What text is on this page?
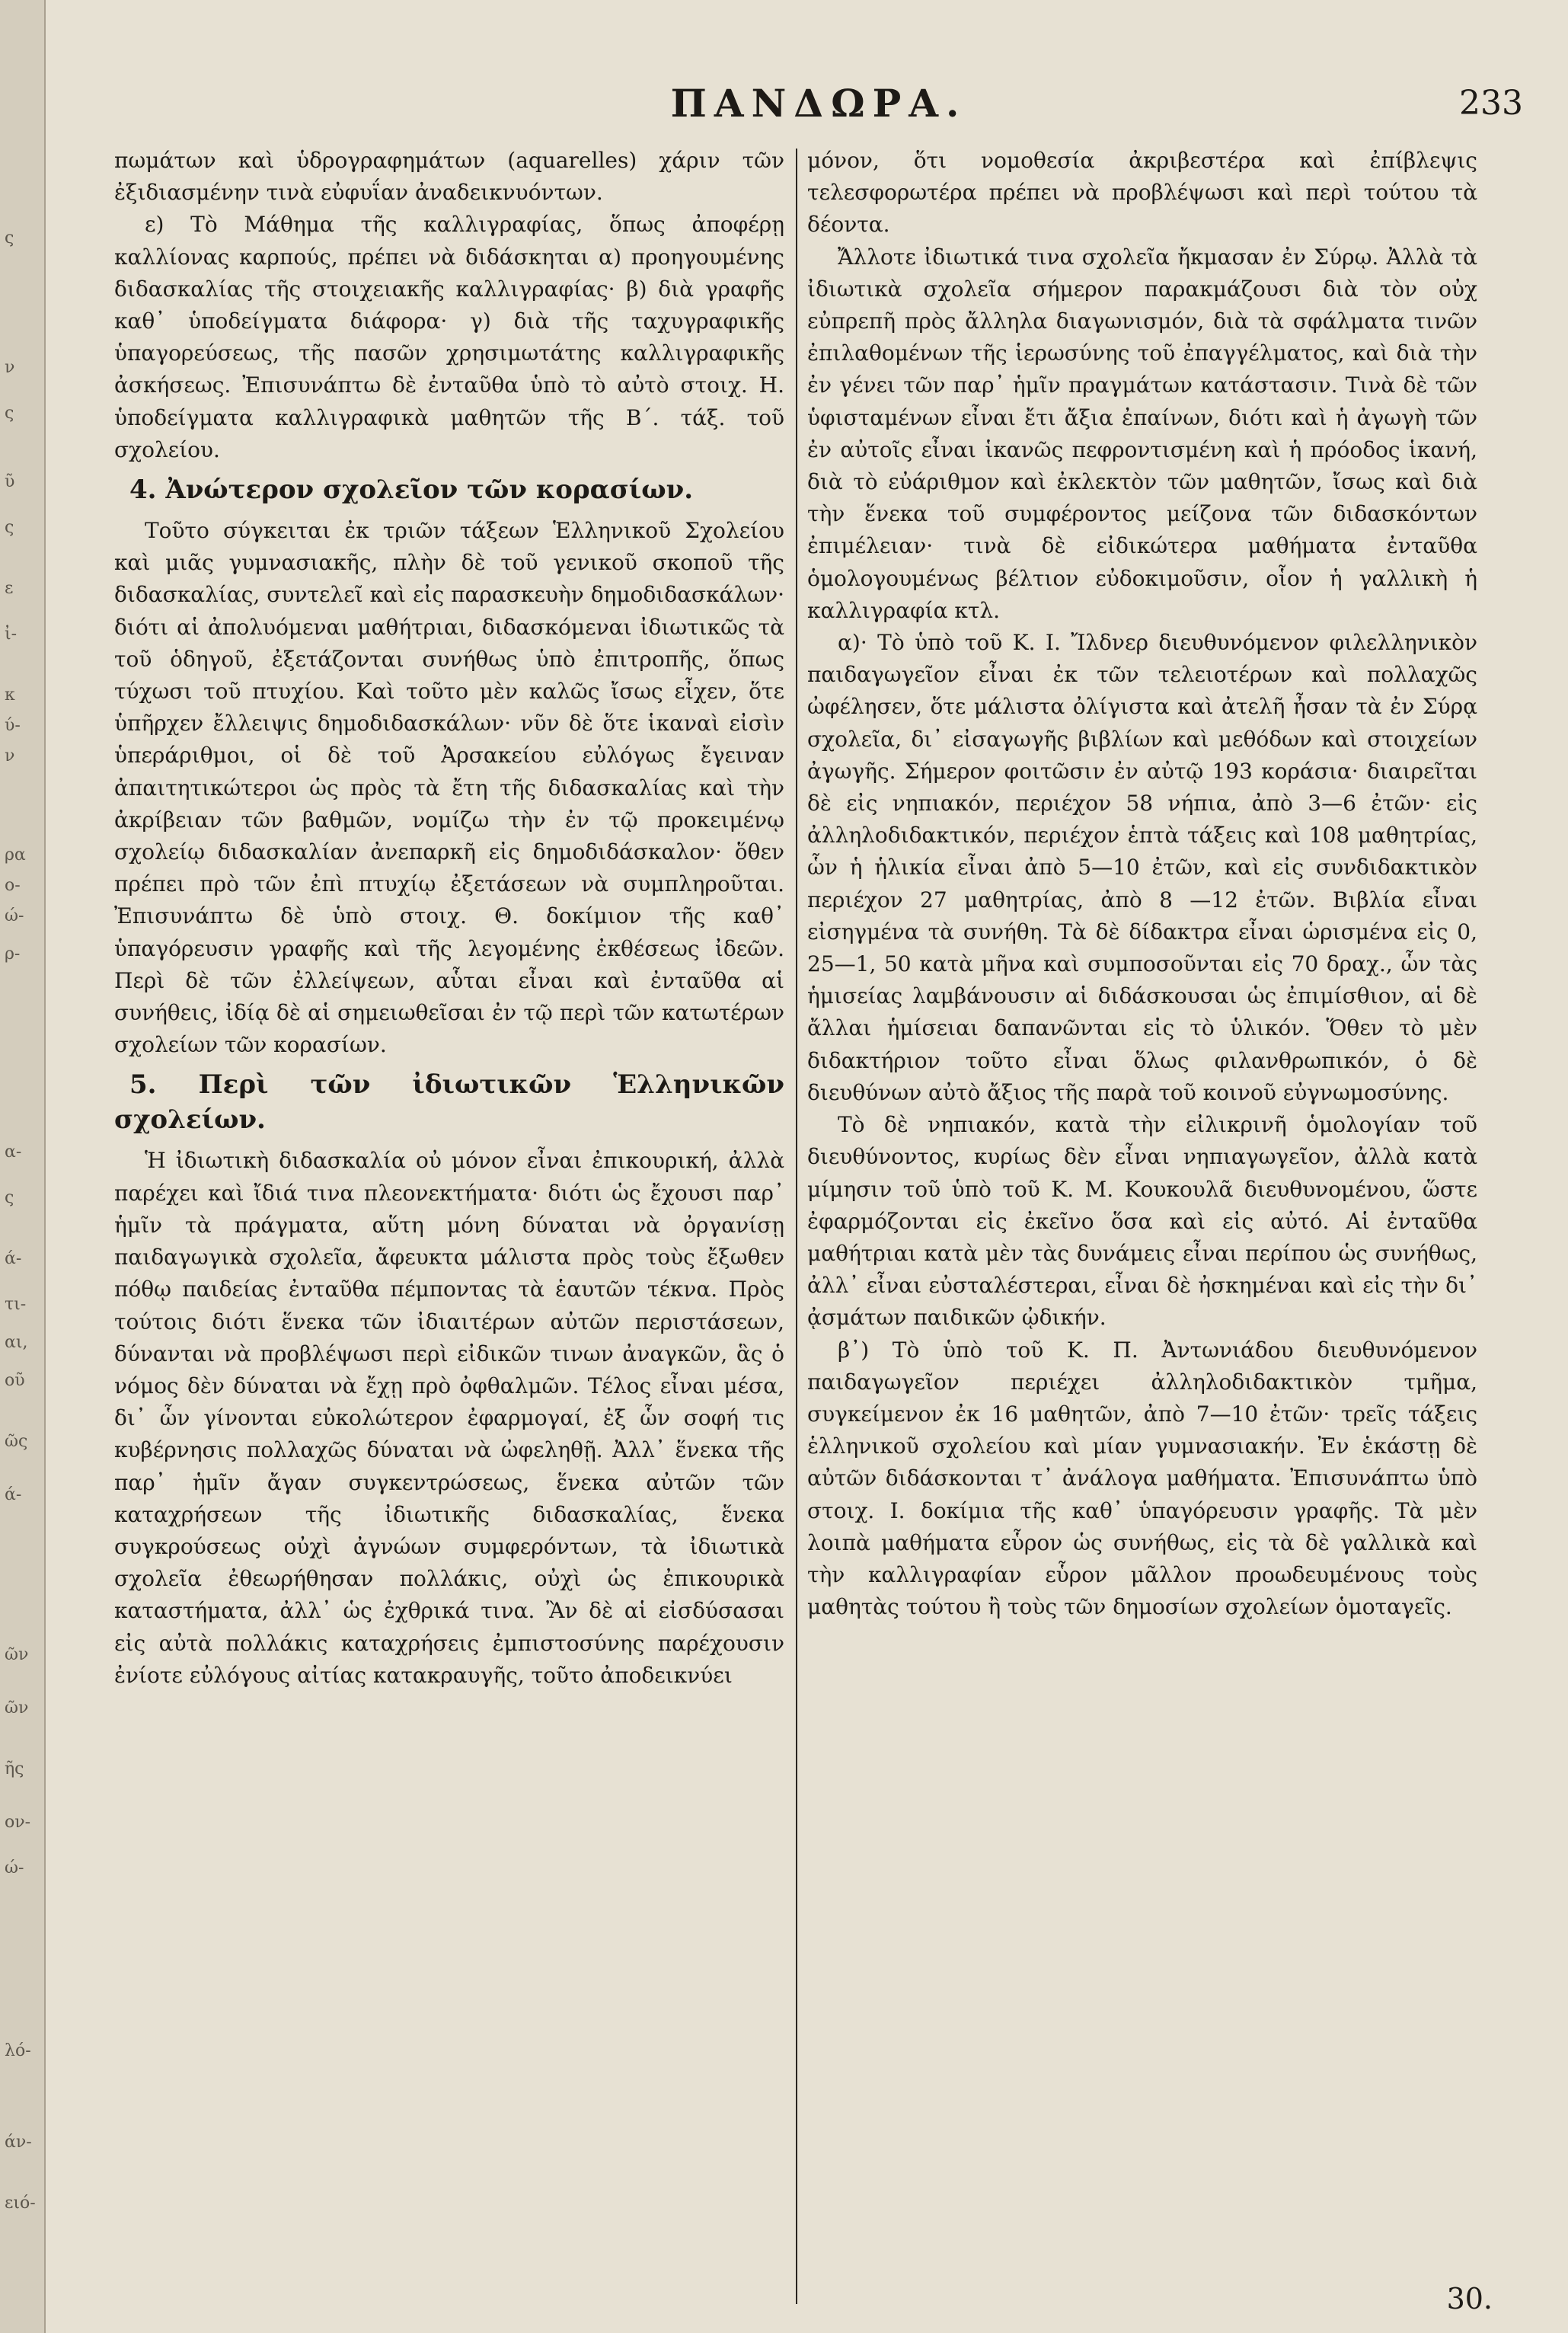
ς
ν
ς
ῦ
ς
ε
ἰ-
κ
ύ-
ν
ρα
ο-
ώ-
ρ-
α-
ς
ά-
τι-
αι,
οῦ
ῶς
ά-
ῶν
ῶν
ῆς
ον-
ώ-
λό-
άν-
ειό-
ΠΑΝΔΩΡΑ.	233

πωμάτων καὶ ὑδρογραφημάτων (aquarelles) χάριν τῶν ἐξιδιασμένην τινὰ εὐφυΐαν ἀναδεικνυόντων.

ε) Τὸ Μάθημα τῆς καλλιγραφίας, ὅπως ἀποφέρῃ καλλίονας καρπούς, πρέπει νὰ διδάσκηται α) προηγουμένης διδασκαλίας τῆς στοιχειακῆς καλλιγραφίας· β) διὰ γραφῆς καθ᾽ ὑποδείγματα διάφορα· γ) διὰ τῆς ταχυγραφικῆς ὑπαγορεύσεως, τῆς πασῶν χρησιμωτάτης καλλιγραφικῆς ἀσκήσεως. Ἐπισυνάπτω δὲ ἐνταῦθα ὑπὸ τὸ αὐτὸ στοιχ. Η. ὑποδείγματα καλλιγραφικὰ μαθητῶν τῆς Β΄. τάξ. τοῦ σχολείου.

4. Ἀνώτερον σχολεῖον τῶν κορασίων.

Τοῦτο σύγκειται ἐκ τριῶν τάξεων Ἑλληνικοῦ Σχολείου καὶ μιᾶς γυμνασιακῆς, πλὴν δὲ τοῦ γενικοῦ σκοποῦ τῆς διδασκαλίας, συντελεῖ καὶ εἰς παρασκευὴν δημοδιδασκάλων· διότι αἱ ἀπολυόμεναι μαθήτριαι, διδασκόμεναι ἰδιωτικῶς τὰ τοῦ ὁδηγοῦ, ἐξετάζονται συνήθως ὑπὸ ἐπιτροπῆς, ὅπως τύχωσι τοῦ πτυχίου. Καὶ τοῦτο μὲν καλῶς ἴσως εἶχεν, ὅτε ὑπῆρχεν ἔλλειψις δημοδιδασκάλων· νῦν δὲ ὅτε ἱκαναὶ εἰσὶν ὑπεράριθμοι, οἱ δὲ τοῦ Ἀρσακείου εὐλόγως ἔγειναν ἀπαιτητικώτεροι ὡς πρὸς τὰ ἔτη τῆς διδασκαλίας καὶ τὴν ἀκρίβειαν τῶν βαθμῶν, νομίζω τὴν ἐν τῷ προκειμένῳ σχολείῳ διδασκαλίαν ἀνεπαρκῆ εἰς δημοδιδάσκαλον· ὅθεν πρέπει πρὸ τῶν ἐπὶ πτυχίῳ ἐξετάσεων νὰ συμπληροῦται. Ἐπισυνάπτω δὲ ὑπὸ στοιχ. Θ. δοκίμιον τῆς καθ᾽ ὑπαγόρευσιν γραφῆς καὶ τῆς λεγομένης ἐκθέσεως ἰδεῶν. Περὶ δὲ τῶν ἐλλείψεων, αὗται εἶναι καὶ ἐνταῦθα αἱ συνήθεις, ἰδίᾳ δὲ αἱ σημειωθεῖσαι ἐν τῷ περὶ τῶν κατωτέρων σχολείων τῶν κορασίων.

5. Περὶ τῶν ἰδιωτικῶν Ἑλληνικῶν σχολείων.

Ἡ ἰδιωτικὴ διδασκαλία οὐ μόνον εἶναι ἐπικουρική, ἀλλὰ παρέχει καὶ ἴδιά τινα πλεονεκτήματα· διότι ὡς ἔχουσι παρ᾽ ἡμῖν τὰ πράγματα, αὕτη μόνη δύναται νὰ ὀργανίσῃ παιδαγωγικὰ σχολεῖα, ἄφευκτα μάλιστα πρὸς τοὺς ἔξωθεν πόθῳ παιδείας ἐνταῦθα πέμποντας τὰ ἑαυτῶν τέκνα. Πρὸς τούτοις διότι ἕνεκα τῶν ἰδιαιτέρων αὐτῶν περιστάσεων, δύνανται νὰ προβλέψωσι περὶ εἰδικῶν τινων ἀναγκῶν, ἃς ὁ νόμος δὲν δύναται νὰ ἔχῃ πρὸ ὀφθαλμῶν. Τέλος εἶναι μέσα, δι᾽ ὧν γίνονται εὐκολώτερον ἐφαρμογαί, ἐξ ὧν σοφή τις κυβέρνησις πολλαχῶς δύναται νὰ ὠφεληθῇ. Ἀλλ᾽ ἕνεκα τῆς παρ᾽ ἡμῖν ἄγαν συγκεντρώσεως, ἕνεκα αὐτῶν τῶν καταχρήσεων τῆς ἰδιωτικῆς διδασκαλίας, ἕνεκα συγκρούσεως οὐχὶ ἀγνώων συμφερόντων, τὰ ἰδιωτικὰ σχολεῖα ἐθεωρήθησαν πολλάκις, οὐχὶ ὡς ἐπικουρικὰ καταστήματα, ἀλλ᾽ ὡς ἐχθρικά τινα. Ἂν δὲ αἱ εἰσδύσασαι εἰς αὐτὰ πολλάκις καταχρήσεις ἐμπιστοσύνης παρέχουσιν ἐνίοτε εὐλόγους αἰτίας κατακραυγῆς, τοῦτο ἀποδεικνύει

μόνον, ὅτι νομοθεσία ἀκριβεστέρα καὶ ἐπίβλεψις τελεσφορωτέρα πρέπει νὰ προβλέψωσι καὶ περὶ τούτου τὰ δέοντα.

Ἄλλοτε ἰδιωτικά τινα σχολεῖα ἤκμασαν ἐν Σύρῳ. Ἀλλὰ τὰ ἰδιωτικὰ σχολεῖα σήμερον παρακμάζουσι διὰ τὸν οὐχ εὐπρεπῆ πρὸς ἄλληλα διαγωνισμόν, διὰ τὰ σφάλματα τινῶν ἐπιλαθομένων τῆς ἱερωσύνης τοῦ ἐπαγγέλματος, καὶ διὰ τὴν ἐν γένει τῶν παρ᾽ ἡμῖν πραγμάτων κατάστασιν. Τινὰ δὲ τῶν ὑφισταμένων εἶναι ἔτι ἄξια ἐπαίνων, διότι καὶ ἡ ἀγωγὴ τῶν ἐν αὐτοῖς εἶναι ἱκανῶς πεφροντισμένη καὶ ἡ πρόοδος ἱκανή, διὰ τὸ εὐάριθμον καὶ ἐκλεκτὸν τῶν μαθητῶν, ἴσως καὶ διὰ τὴν ἕνεκα τοῦ συμφέροντος μείζονα τῶν διδασκόντων ἐπιμέλειαν· τινὰ δὲ εἰδικώτερα μαθήματα ἐνταῦθα ὁμολογουμένως βέλτιον εὐδοκιμοῦσιν, οἷον ἡ γαλλικὴ ἡ καλλιγραφία κτλ.

α)· Τὸ ὑπὸ τοῦ Κ. Ι. Ἴλδνερ διευθυνόμενον φιλελληνικὸν παιδαγωγεῖον εἶναι ἐκ τῶν τελειοτέρων καὶ πολλαχῶς ὠφέλησεν, ὅτε μάλιστα ὀλίγιστα καὶ ἀτελῆ ἦσαν τὰ ἐν Σύρᾳ σχολεῖα, δι᾽ εἰσαγωγῆς βιβλίων καὶ μεθόδων καὶ στοιχείων ἀγωγῆς. Σήμερον φοιτῶσιν ἐν αὐτῷ 193 κοράσια· διαιρεῖται δὲ εἰς νηπιακόν, περιέχον 58 νήπια, ἀπὸ 3—6 ἐτῶν· εἰς ἀλληλοδιδακτικόν, περιέχον ἑπτὰ τάξεις καὶ 108 μαθητρίας, ὧν ἡ ἡλικία εἶναι ἀπὸ 5—10 ἐτῶν, καὶ εἰς συνδιδακτικὸν περιέχον 27 μαθητρίας, ἀπὸ 8 —12 ἐτῶν. Βιβλία εἶναι εἰσηγμένα τὰ συνήθη. Τὰ δὲ δίδακτρα εἶναι ὡρισμένα εἰς 0, 25—1, 50 κατὰ μῆνα καὶ συμποσοῦνται εἰς 70 δραχ., ὧν τὰς ἡμισείας λαμβάνουσιν αἱ διδάσκουσαι ὡς ἐπιμίσθιον, αἱ δὲ ἄλλαι ἡμίσειαι δαπανῶνται εἰς τὸ ὑλικόν. Ὅθεν τὸ μὲν διδακτήριον τοῦτο εἶναι ὅλως φιλανθρωπικόν, ὁ δὲ διευθύνων αὐτὸ ἄξιος τῆς παρὰ τοῦ κοινοῦ εὐγνωμοσύνης.

Τὸ δὲ νηπιακόν, κατὰ τὴν εἰλικρινῆ ὁμολογίαν τοῦ διευθύνοντος, κυρίως δὲν εἶναι νηπιαγωγεῖον, ἀλλὰ κατὰ μίμησιν τοῦ ὑπὸ τοῦ Κ. Μ. Κουκουλᾶ διευθυνομένου, ὥστε ἐφαρμόζονται εἰς ἐκεῖνο ὅσα καὶ εἰς αὐτό. Αἱ ἐνταῦθα μαθήτριαι κατὰ μὲν τὰς δυνάμεις εἶναι περίπου ὡς συνήθως, ἀλλ᾽ εἶναι εὐσταλέστεραι, εἶναι δὲ ἠσκημέναι καὶ εἰς τὴν δι᾽ ᾀσμάτων παιδικῶν ᾠδικήν.

β᾽) Τὸ ὑπὸ τοῦ Κ. Π. Ἀντωνιάδου διευθυνόμενον παιδαγωγεῖον περιέχει ἀλληλοδιδακτικὸν τμῆμα, συγκείμενον ἐκ 16 μαθητῶν, ἀπὸ 7—10 ἐτῶν· τρεῖς τάξεις ἑλληνικοῦ σχολείου καὶ μίαν γυμνασιακήν. Ἐν ἑκάστῃ δὲ αὐτῶν διδάσκονται τ᾽ ἀνάλογα μαθήματα. Ἐπισυνάπτω ὑπὸ στοιχ. Ι. δοκίμια τῆς καθ᾽ ὑπαγόρευσιν γραφῆς. Τὰ μὲν λοιπὰ μαθήματα εὗρον ὡς συνήθως, εἰς τὰ δὲ γαλλικὰ καὶ τὴν καλλιγραφίαν εὗρον μᾶλλον προωδευμένους τοὺς μαθητὰς τούτου ἢ τοὺς τῶν δημοσίων σχολείων ὁμοταγεῖς.

30.
